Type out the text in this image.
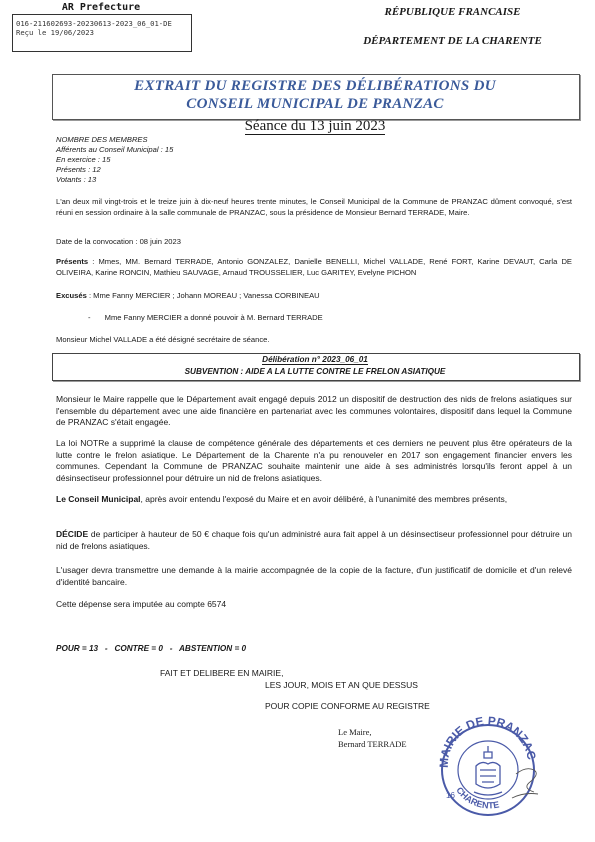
AR Prefecture
016-211602693-20230613-2023_06_01-DE
Reçu le 19/06/2023
RÉPUBLIQUE FRANCAISE
DÉPARTEMENT DE LA CHARENTE
EXTRAIT DU REGISTRE DES DÉLIBÉRATIONS DU
CONSEIL MUNICIPAL DE PRANZAC
Séance du 13 juin 2023
NOMBRE DES MEMBRES
Afférents au Conseil Municipal : 15
En exercice : 15
Présents : 12
Votants : 13
L'an deux mil vingt-trois et le treize juin à dix-neuf heures trente minutes, le Conseil Municipal de la Commune de PRANZAC dûment convoqué, s'est réuni en session ordinaire à la salle communale de PRANZAC, sous la présidence de Monsieur Bernard TERRADE, Maire.
Date de la convocation : 08 juin 2023
Présents : Mmes, MM. Bernard TERRADE, Antonio GONZALEZ, Danielle BENELLI, Michel VALLADE, René FORT, Karine DEVAUT, Carla DE OLIVEIRA, Karine RONCIN, Mathieu SAUVAGE, Arnaud TROUSSELIER, Luc GARITEY, Evelyne PICHON
Excusés : Mme Fanny MERCIER ; Johann MOREAU ; Vanessa CORBINEAU
- Mme Fanny MERCIER a donné pouvoir à M. Bernard TERRADE
Monsieur Michel VALLADE a été désigné secrétaire de séance.
Délibération n° 2023_06_01
SUBVENTION : AIDE A LA LUTTE CONTRE LE FRELON ASIATIQUE
Monsieur le Maire rappelle que le Département avait engagé depuis 2012 un dispositif de destruction des nids de frelons asiatiques sur l'ensemble du département avec une aide financière en partenariat avec les communes volontaires, dispositif dans lequel la Commune de PRANZAC s'était engagée.
La loi NOTRe a supprimé la clause de compétence générale des départements et ces derniers ne peuvent plus être opérateurs de la lutte contre le frelon asiatique. Le Département de la Charente n'a pu renouveler en 2017 son engagement financier envers les communes. Cependant la Commune de PRANZAC souhaite maintenir une aide à ses administrés lorsqu'ils feront appel à un désinsectiseur professionnel pour détruire un nid de frelons asiatiques.
Le Conseil Municipal, après avoir entendu l'exposé du Maire et en avoir délibéré, à l'unanimité des membres présents,
DÉCIDE de participer à hauteur de 50 € chaque fois qu'un administré aura fait appel à un désinsectiseur professionnel pour détruire un nid de frelons asiatiques.
L'usager devra transmettre une demande à la mairie accompagnée de la copie de la facture, d'un justificatif de domicile et d'un relevé d'identité bancaire.
Cette dépense sera imputée au compte 6574
POUR = 13   -   CONTRE = 0   -   ABSTENTION = 0
FAIT ET DELIBERE EN MAIRIE,
LES JOUR, MOIS ET AN QUE DESSUS
POUR COPIE CONFORME AU REGISTRE
Le Maire,
Bernard TERRADE
MAIRIE DE PRANZAC
CHARENTE
16
